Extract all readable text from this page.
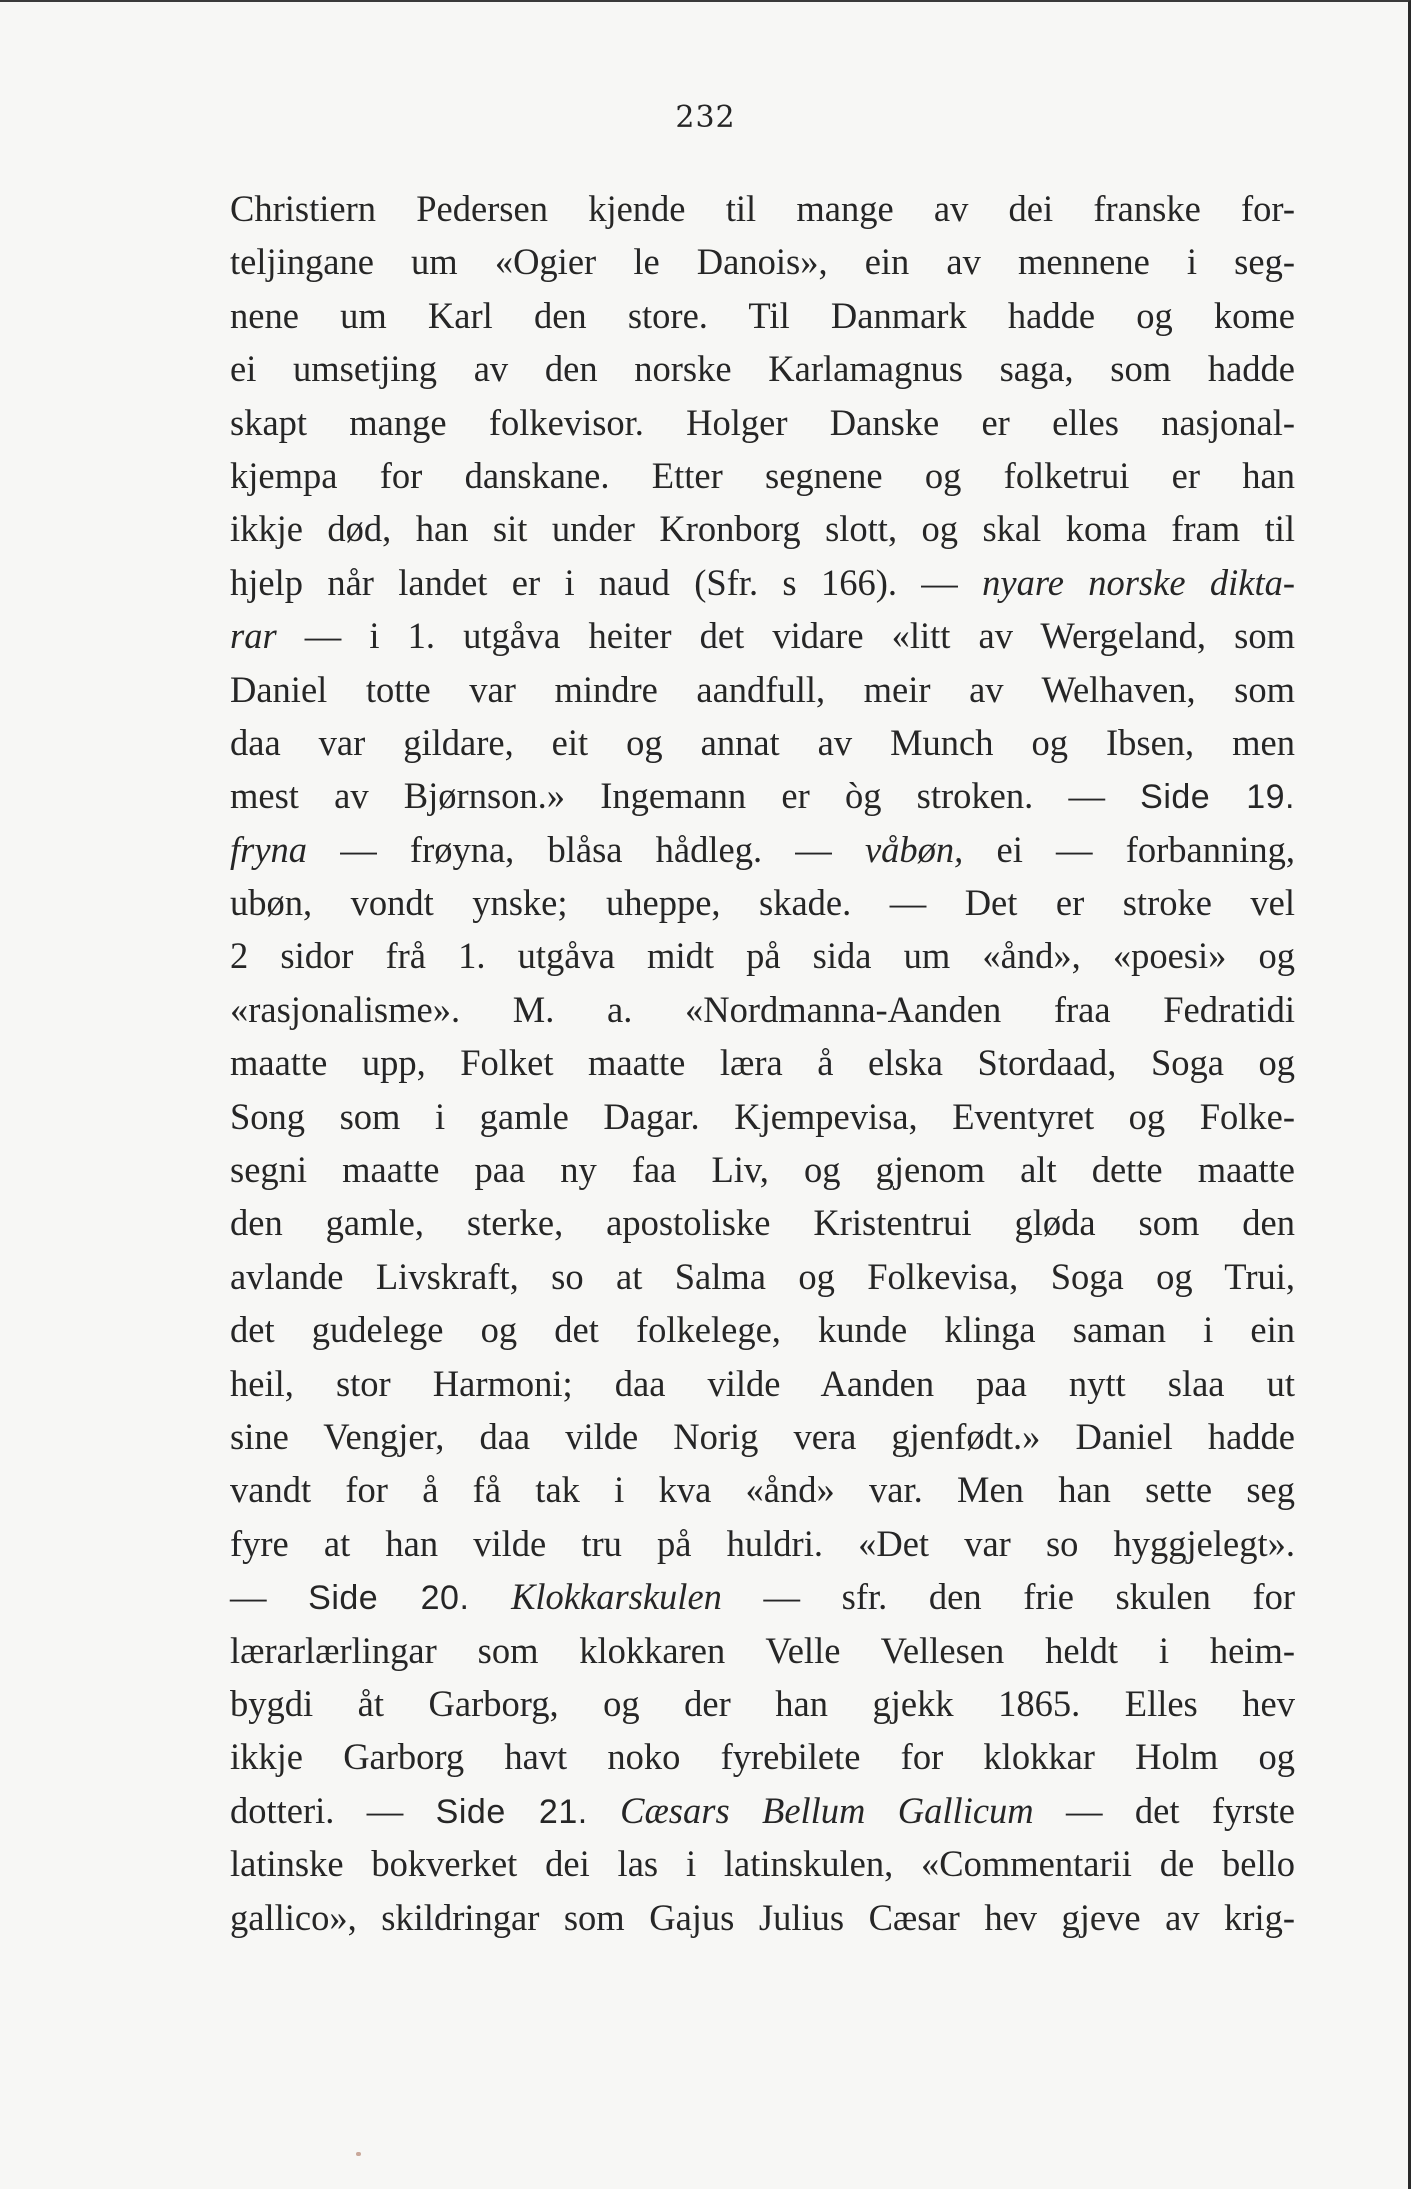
232
Christiern Pedersen kjende til mange av dei franske for-
teljingane um «Ogier le Danois», ein av mennene i seg-
nene um Karl den store. Til Danmark hadde og kome
ei umsetjing av den norske Karlamagnus saga, som hadde
skapt mange folkevisor. Holger Danske er elles nasjonal-
kjempa for danskane. Etter segnene og folketrui er han
ikkje død, han sit under Kronborg slott, og skal koma fram til
hjelp når landet er i naud (Sfr. s 166). — nyare norske dikta-
rar — i 1. utgåva heiter det vidare «litt av Wergeland, som
Daniel totte var mindre aandfull, meir av Welhaven, som
daa var gildare, eit og annat av Munch og Ibsen, men
mest av Bjørnson.» Ingemann er òg stroken. — Side 19.
fryna — frøyna, blåsa hådleg. — våbøn, ei — forbanning,
ubøn, vondt ynske; uheppe, skade. — Det er stroke vel
2 sidor frå 1. utgåva midt på sida um «ånd», «poesi» og
«rasjonalisme». M. a. «Nordmanna-Aanden fraa Fedratidi
maatte upp, Folket maatte læra å elska Stordaad, Soga og
Song som i gamle Dagar. Kjempevisa, Eventyret og Folke-
segni maatte paa ny faa Liv, og gjenom alt dette maatte
den gamle, sterke, apostoliske Kristentrui gløda som den
avlande Livskraft, so at Salma og Folkevisa, Soga og Trui,
det gudelege og det folkelege, kunde klinga saman i ein
heil, stor Harmoni; daa vilde Aanden paa nytt slaa ut
sine Vengjer, daa vilde Norig vera gjenfødt.» Daniel hadde
vandt for å få tak i kva «ånd» var. Men han sette seg
fyre at han vilde tru på huldri. «Det var so hyggjelegt».
— Side 20. Klokkarskulen — sfr. den frie skulen for
lærarlærlingar som klokkaren Velle Vellesen heldt i heim-
bygdi åt Garborg, og der han gjekk 1865. Elles hev
ikkje Garborg havt noko fyrebilete for klokkar Holm og
dotteri. — Side 21. Cæsars Bellum Gallicum — det fyrste
latinske bokverket dei las i latinskulen, «Commentarii de bello
gallico», skildringar som Gajus Julius Cæsar hev gjeve av krig-
